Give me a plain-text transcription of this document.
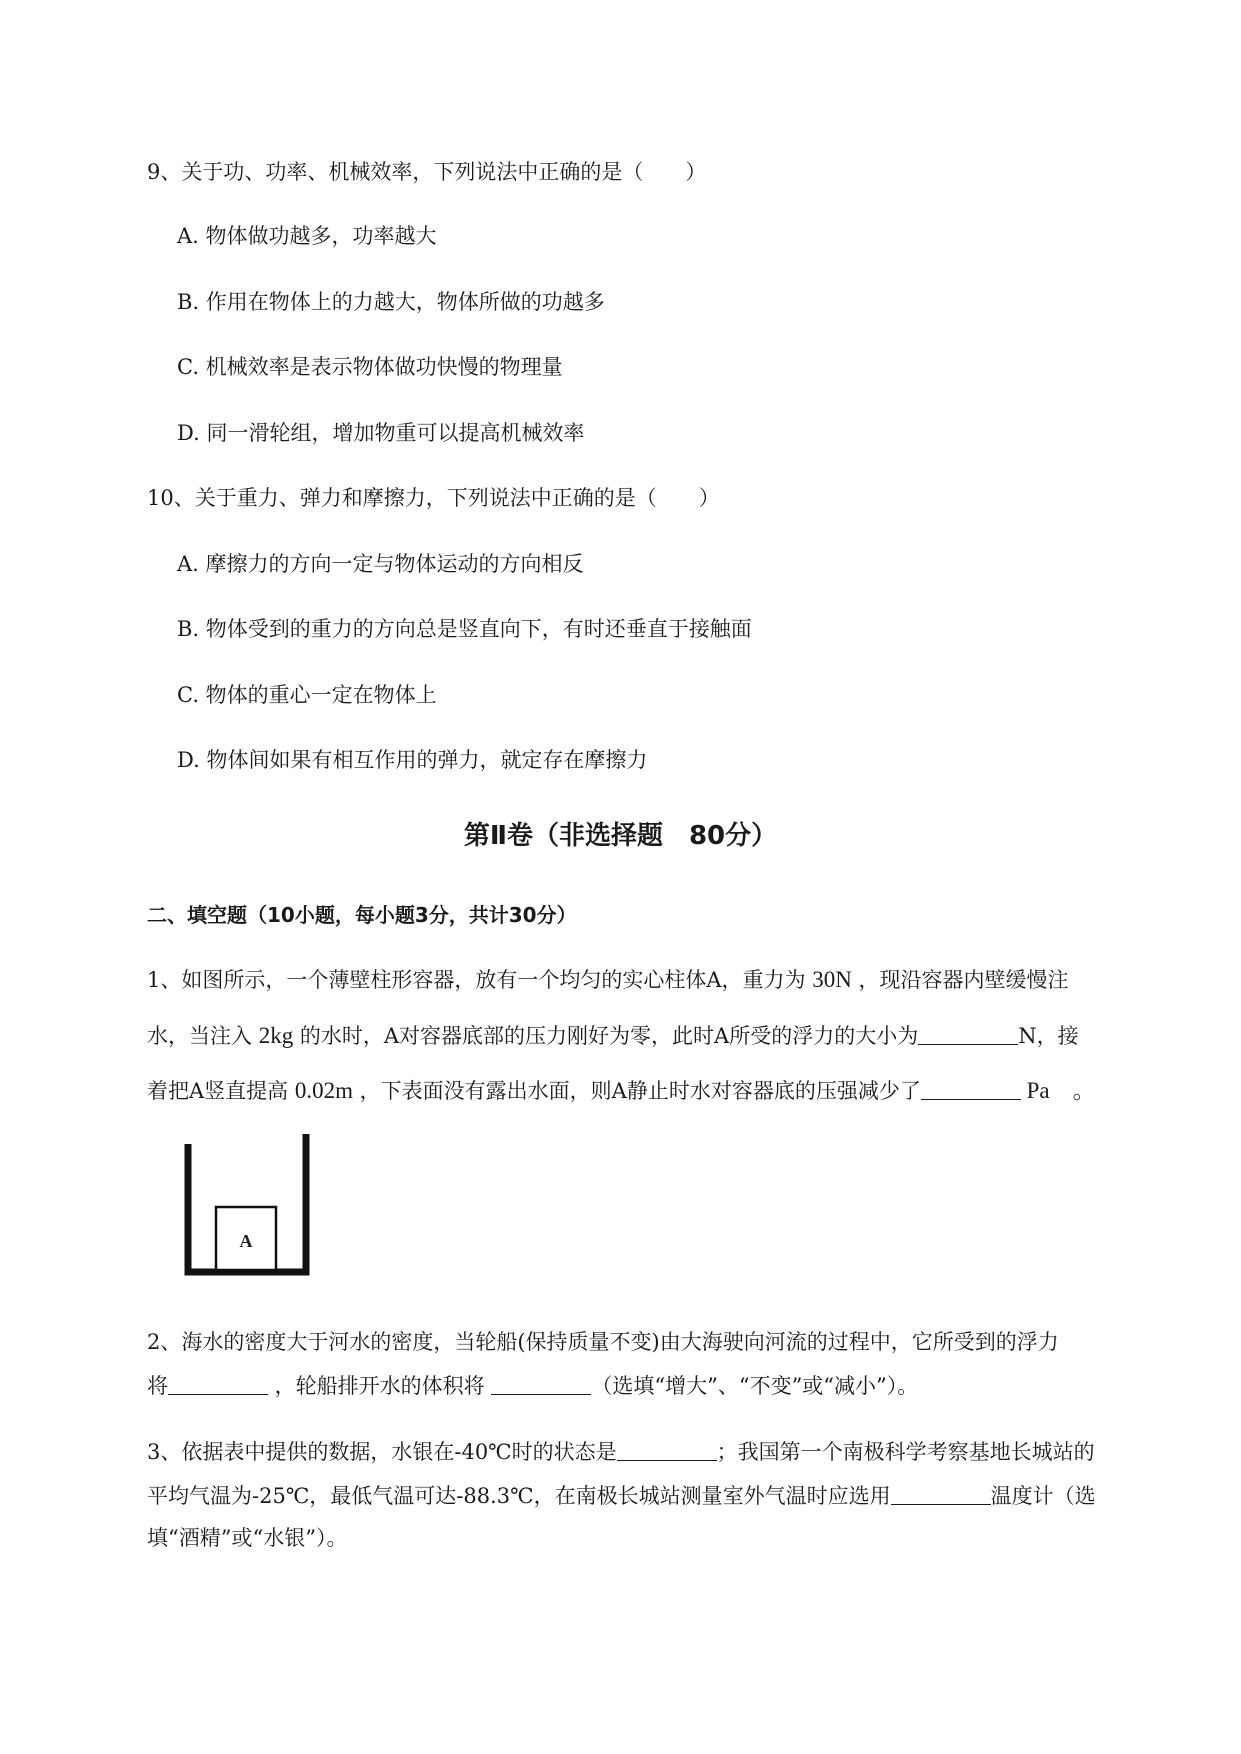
9、关于功、功率、机械效率，下列说法中正确的是（　　）
A. 物体做功越多，功率越大
B. 作用在物体上的力越大，物体所做的功越多
C. 机械效率是表示物体做功快慢的物理量
D. 同一滑轮组，增加物重可以提高机械效率
10、关于重力、弹力和摩擦力，下列说法中正确的是（　　）
A. 摩擦力的方向一定与物体运动的方向相反
B. 物体受到的重力的方向总是竖直向下，有时还垂直于接触面
C. 物体的重心一定在物体上
D. 物体间如果有相互作用的弹力，就定存在摩擦力
第Ⅱ卷（非选择题　80分）
二、填空题（10小题，每小题3分，共计30分）
1、如图所示，一个薄壁柱形容器，放有一个均匀的实心柱体A，重力为 30N ，现沿容器内壁缓慢注
水，当注入 2kg 的水时，A对容器底部的压力刚好为零，此时A所受的浮力的大小为	N，接
着把A竖直提高 0.02m ，下表面没有露出水面，则A静止时水对容器底的压强减少了	Pa　。
A
2、海水的密度大于河水的密度，当轮船(保持质量不变)由大海驶向河流的过程中，它所受到的浮力
将	，轮船排开水的体积将	（选填“增大”、“不变”或“减小”）。
3、依据表中提供的数据，水银在-40℃时的状态是	；我国第一个南极科学考察基地长城站的
平均气温为-25℃，最低气温可达-88.3℃，在南极长城站测量室外气温时应选用	温度计（选
填“酒精”或“水银”）。
